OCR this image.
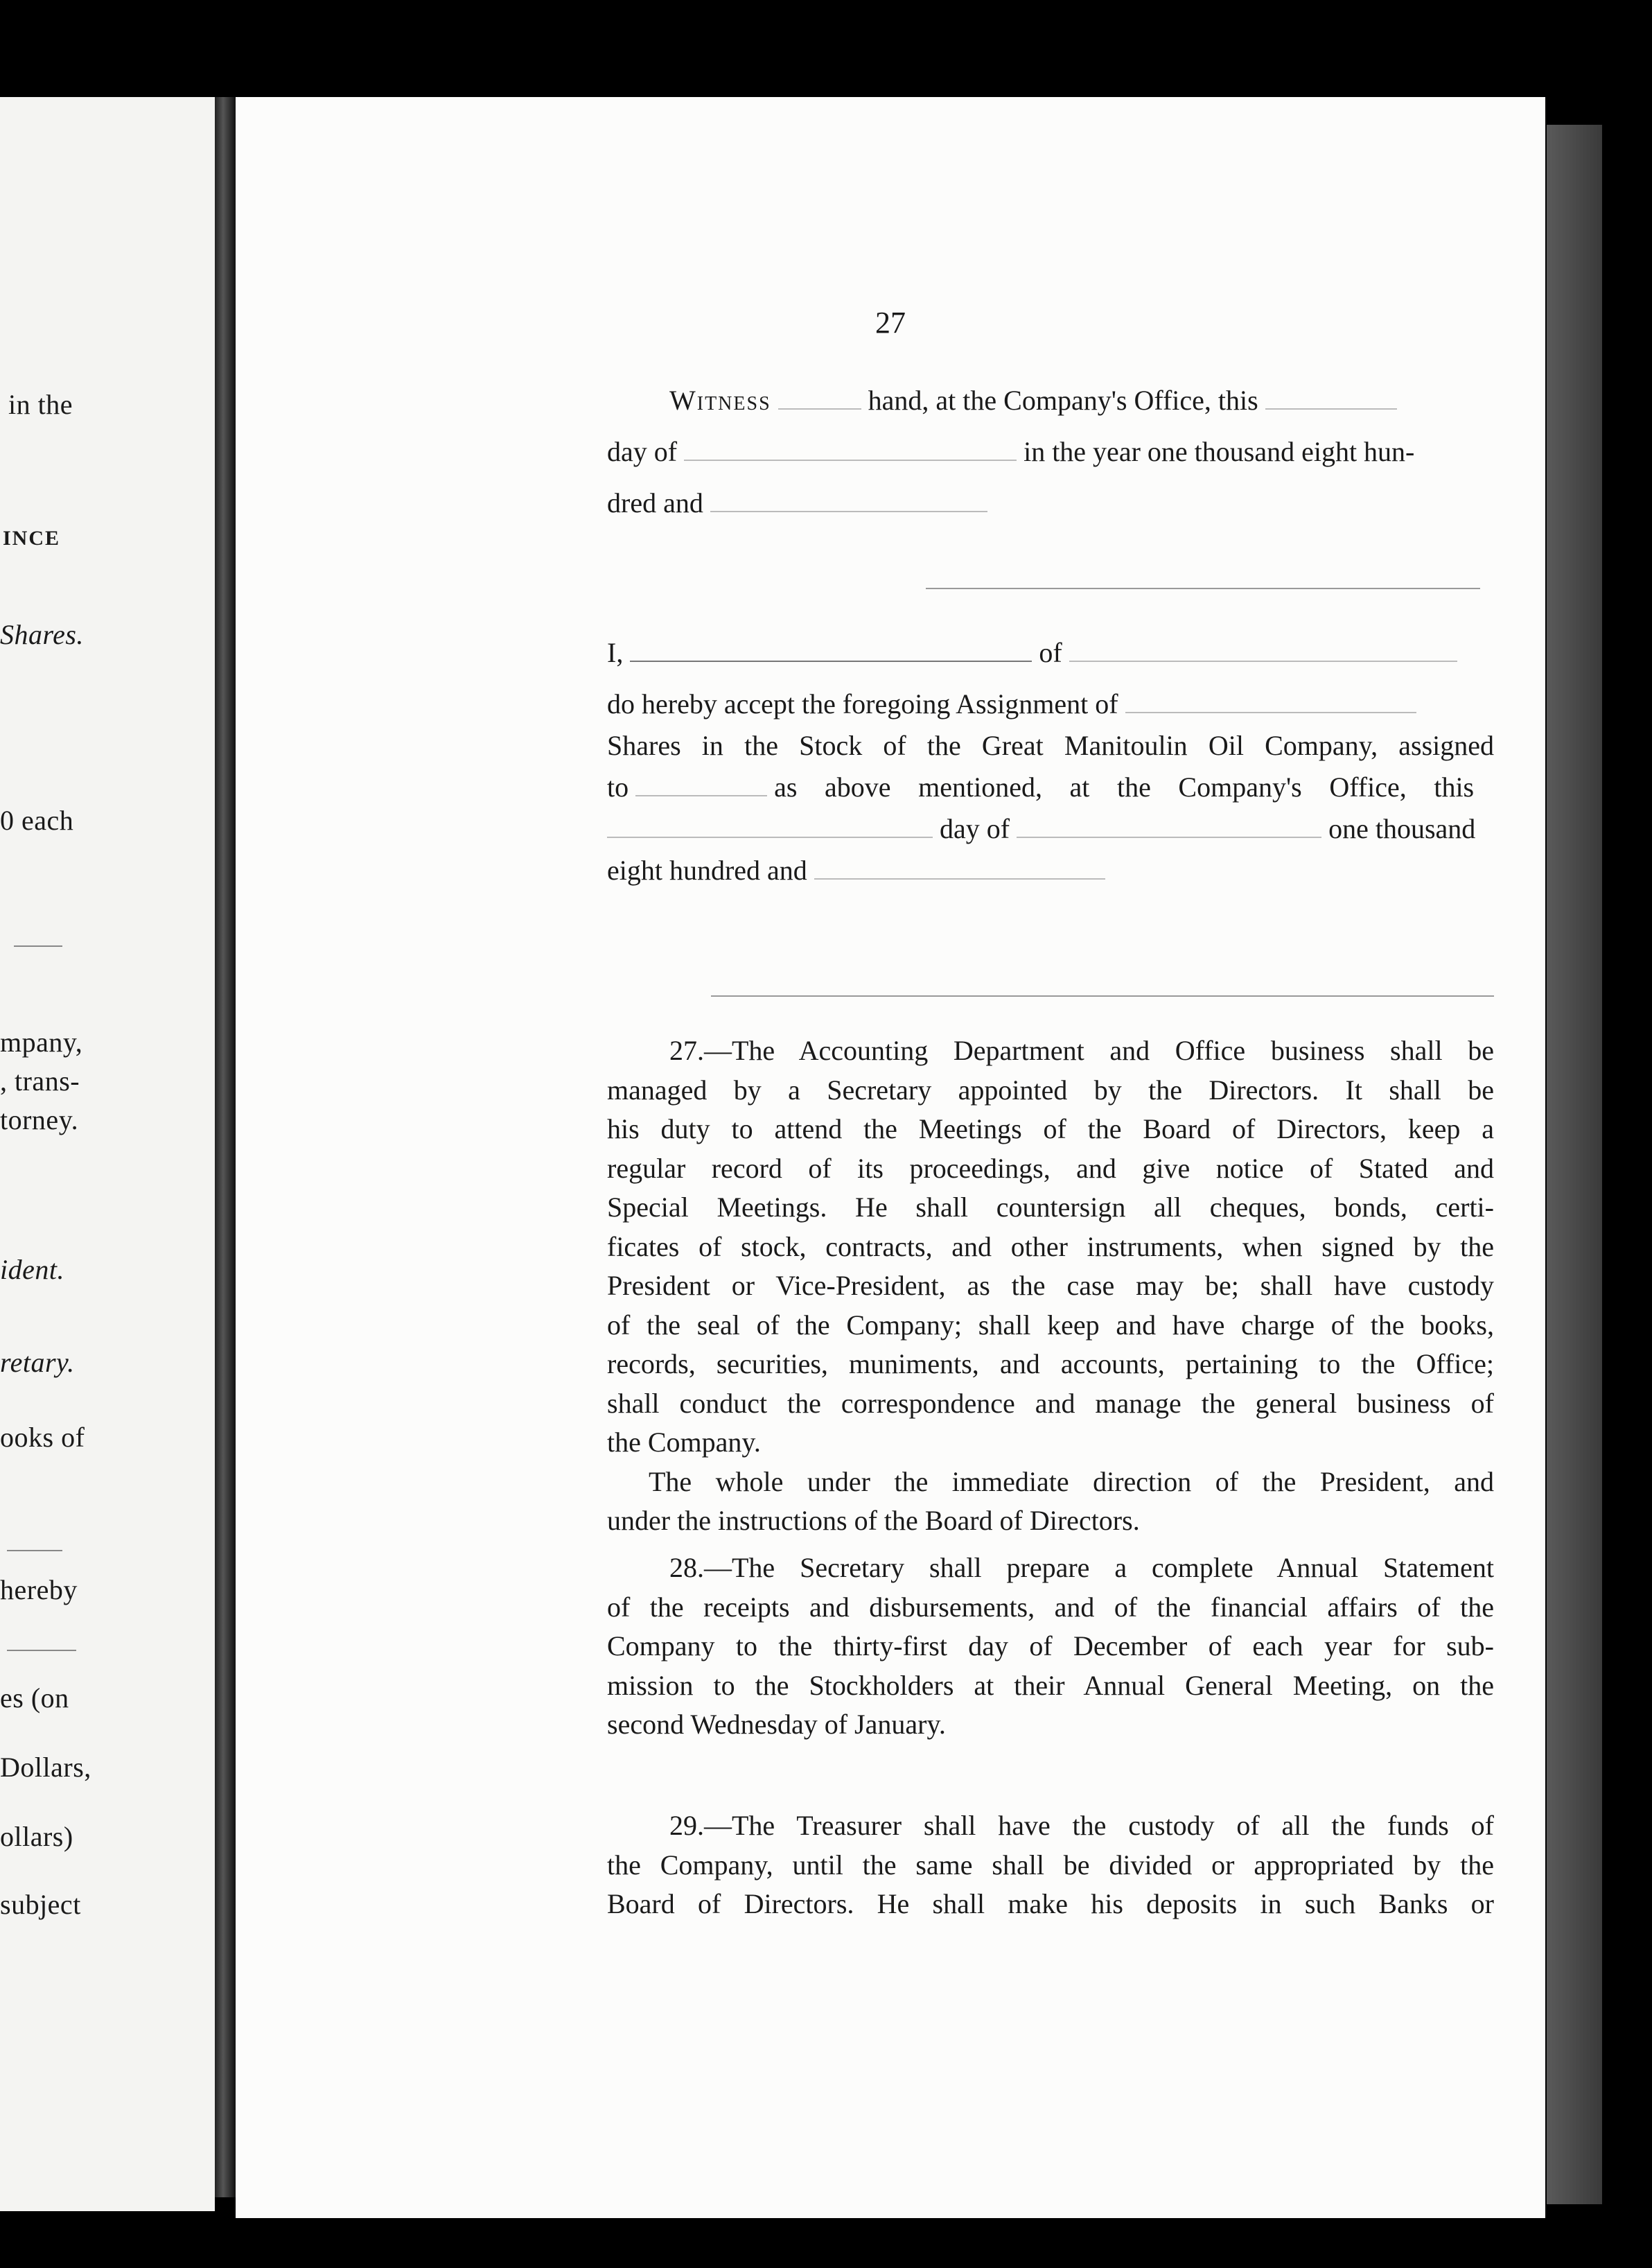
in the
INCE
Shares.
0 each
mpany,
, trans-
torney.
ident.
retary.
ooks of
hereby
es (on
Dollars,
ollars)
subject
27
Witness	hand, at the Company's Office, this
day of	in the year one thousand eight hun-
dred and
I,	of
do hereby accept the foregoing Assignment of
Shares in the Stock of the Great Manitoulin Oil Company, assigned
to	as above mentioned, at the Company's Office, this
day of	one thousand
eight hundred and
27.—The Accounting Department and Office business shall be
managed by a Secretary appointed by the Directors. It shall be
his duty to attend the Meetings of the Board of Directors, keep a
regular record of its proceedings, and give notice of Stated and
Special Meetings. He shall countersign all cheques, bonds, certi-
ficates of stock, contracts, and other instruments, when signed by the
President or Vice-President, as the case may be; shall have custody
of the seal of the Company; shall keep and have charge of the books,
records, securities, muniments, and accounts, pertaining to the Office;
shall conduct the correspondence and manage the general business of
the Company.
The whole under the immediate direction of the President, and
under the instructions of the Board of Directors.
28.—The Secretary shall prepare a complete Annual Statement
of the receipts and disbursements, and of the financial affairs of the
Company to the thirty-first day of December of each year for sub-
mission to the Stockholders at their Annual General Meeting, on the
second Wednesday of January.
29.—The Treasurer shall have the custody of all the funds of
the Company, until the same shall be divided or appropriated by the
Board of Directors. He shall make his deposits in such Banks or
